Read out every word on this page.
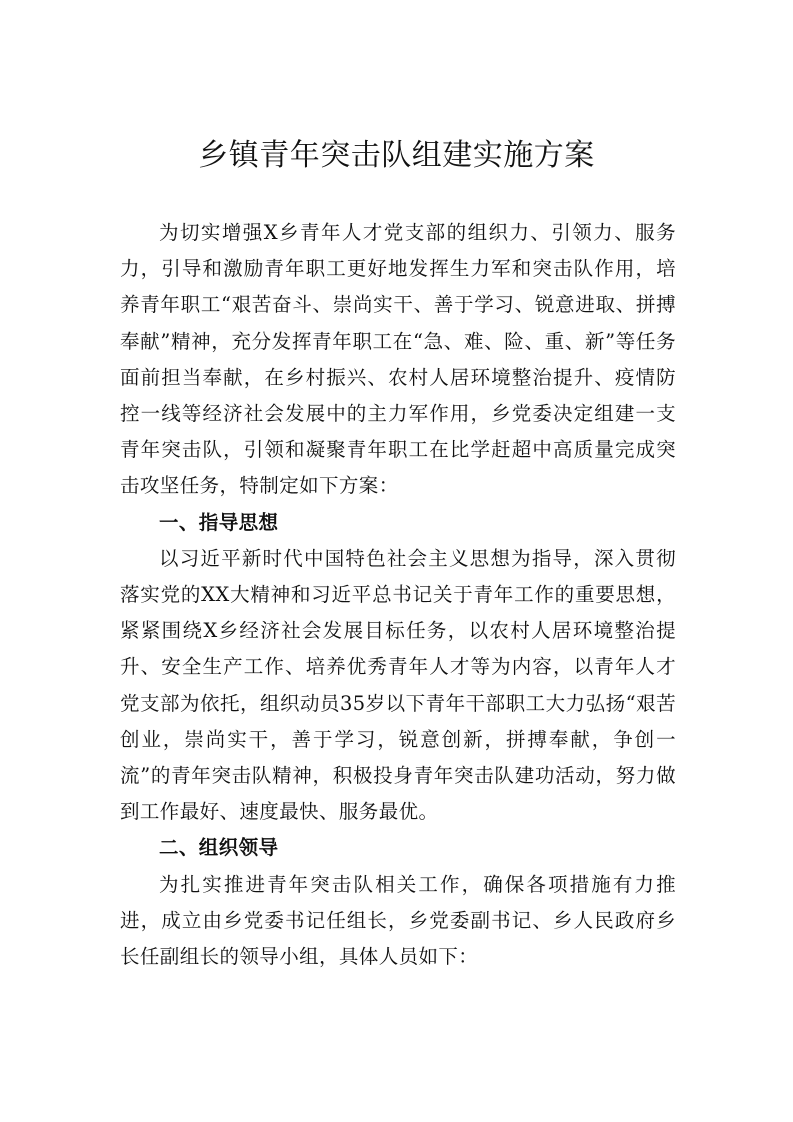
乡镇青年突击队组建实施方案

为切实增强X乡青年人才党支部的组织力、引领力、服务力，引导和激励青年职工更好地发挥生力军和突击队作用，培养青年职工“艰苦奋斗、崇尚实干、善于学习、锐意进取、拼搏奉献”精神，充分发挥青年职工在“急、难、险、重、新”等任务面前担当奉献，在乡村振兴、农村人居环境整治提升、疫情防控一线等经济社会发展中的主力军作用，乡党委决定组建一支青年突击队，引领和凝聚青年职工在比学赶超中高质量完成突击攻坚任务，特制定如下方案：

一、指导思想

以习近平新时代中国特色社会主义思想为指导，深入贯彻落实党的XX大精神和习近平总书记关于青年工作的重要思想，紧紧围绕X乡经济社会发展目标任务，以农村人居环境整治提升、安全生产工作、培养优秀青年人才等为内容，以青年人才党支部为依托，组织动员35岁以下青年干部职工大力弘扬“艰苦创业，崇尚实干，善于学习，锐意创新，拼搏奉献，争创一流”的青年突击队精神，积极投身青年突击队建功活动，努力做到工作最好、速度最快、服务最优。

二、组织领导

为扎实推进青年突击队相关工作，确保各项措施有力推进，成立由乡党委书记任组长，乡党委副书记、乡人民政府乡长任副组长的领导小组，具体人员如下：
